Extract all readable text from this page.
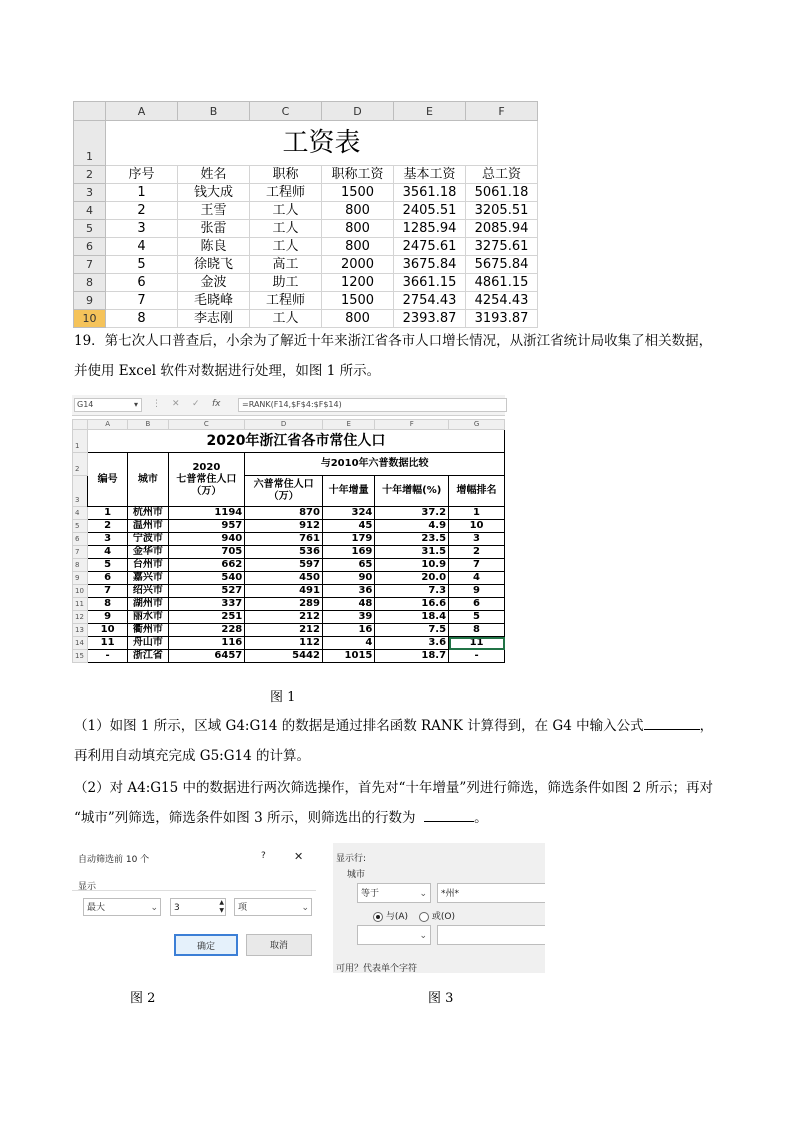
	A	B	C	D	E	F
1	工资表					
2	序号	姓名	职称	职称工资	基本工资	总工资
3	1	钱大成	工程师	1500	3561.18	5061.18
4	2	王雪	工人	800	2405.51	3205.51
5	3	张雷	工人	800	1285.94	2085.94
6	4	陈良	工人	800	2475.61	3275.61
7	5	徐晓飞	高工	2000	3675.84	5675.84
8	6	金波	助工	1200	3661.15	4861.15
9	7	毛晓峰	工程师	1500	2754.43	4254.43
10	8	李志刚	工人	800	2393.87	3193.87
19．第七次人口普查后，小余为了解近十年来浙江省各市人口增长情况，从浙江省统计局收集了相关数据，
并使用 Excel 软件对数据进行处理，如图 1 所示。
G14	▾ ⋮ ✕ ✓ fx	=RANK(F14,$F$4:$F$14)
	A	B	C	D	E	F	G
1	2020年浙江省各市常住人口						
2	编号	城市	2020
七普常住人口
（万）	与2010年六普数据比较			
3				六普常住人口
（万）	十年增量	十年增幅(%)	增幅排名
4	1	杭州市	1194	870	324	37.2	1
5	2	温州市	957	912	45	4.9	10
6	3	宁波市	940	761	179	23.5	3
7	4	金华市	705	536	169	31.5	2
8	5	台州市	662	597	65	10.9	7
9	6	嘉兴市	540	450	90	20.0	4
10	7	绍兴市	527	491	36	7.3	9
11	8	湖州市	337	289	48	16.6	6
12	9	丽水市	251	212	39	18.4	5
13	10	衢州市	228	212	16	7.5	8
14	11	舟山市	116	112	4	3.6	11
15	-	浙江省	6457	5442	1015	18.7	-
图 1
（1）如图 1 所示，区域 G4:G14 的数据是通过排名函数 RANK 计算得到，在 G4 中输入公式	，
再利用自动填充完成 G5:G14 的计算。
（2）对 A4:G15 中的数据进行两次筛选操作，首先对“十年增量”列进行筛选，筛选条件如图 2 所示；再对
“城市”列筛选，筛选条件如图 3 所示，则筛选出的行数为	。
自动筛选前 10 个	?	✕
显示
最大	⌄	3
▲
▼	项	⌄
确定	取消
显示行:
城市
等于	⌄	*州*
与(A)	或(O)
⌄
可用？代表单个字符
图 2	图 3
